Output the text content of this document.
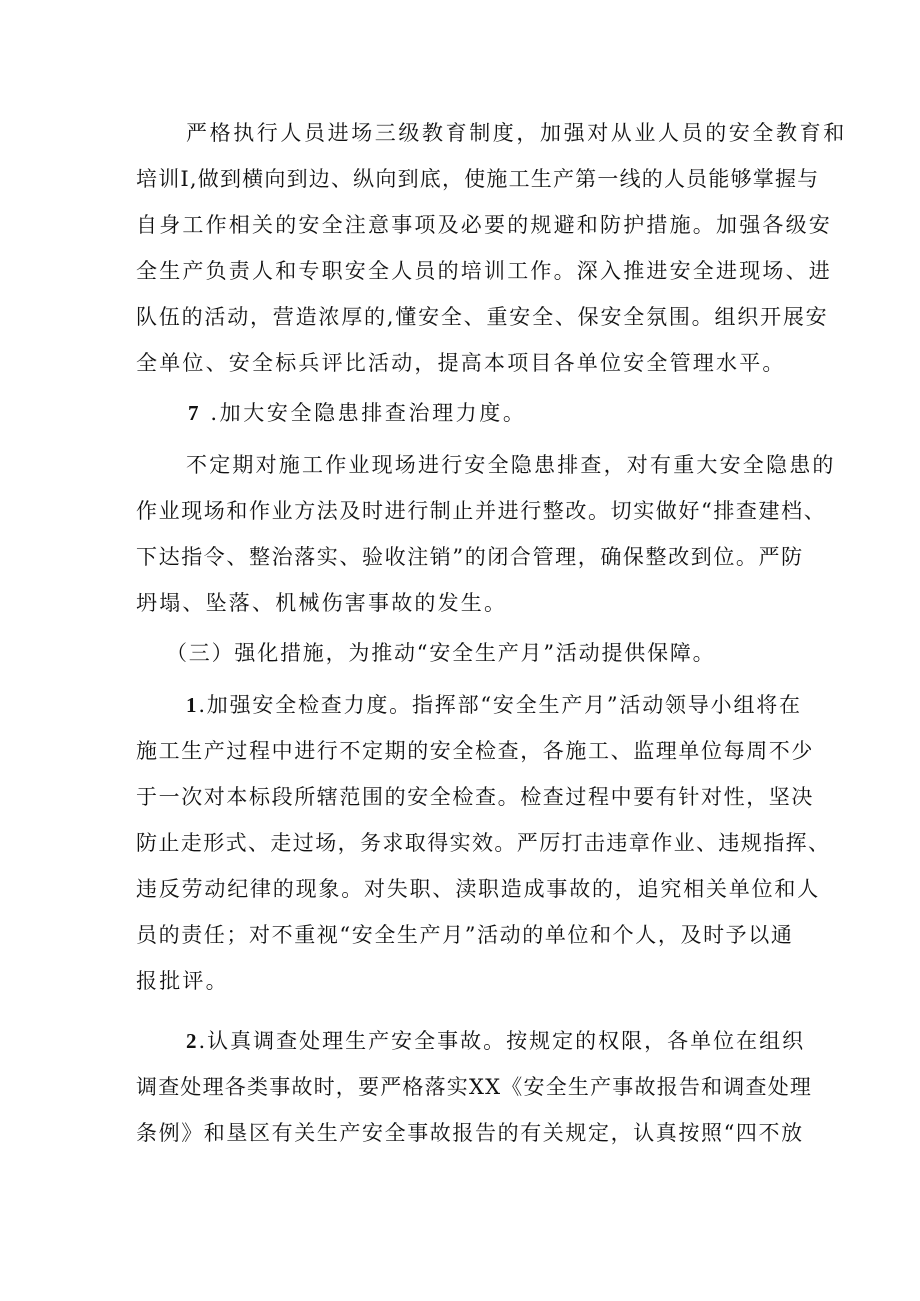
严格执行人员进场三级教育制度，加强对从业人员的安全教育和
培训I,做到横向到边、纵向到底，使施工生产第一线的人员能够掌握与
自身工作相关的安全注意事项及必要的规避和防护措施。加强各级安
全生产负责人和专职安全人员的培训工作。深入推进安全进现场、进
队伍的活动，营造浓厚的,懂安全、重安全、保安全氛围。组织开展安
全单位、安全标兵评比活动，提高本项目各单位安全管理水平。
7 .加大安全隐患排查治理力度。
不定期对施工作业现场进行安全隐患排查，对有重大安全隐患的
作业现场和作业方法及时进行制止并进行整改。切实做好“排查建档、
下达指令、整治落实、验收注销”的闭合管理，确保整改到位。严防
坍塌、坠落、机械伤害事故的发生。
（三）强化措施，为推动“安全生产月”活动提供保障。
1.加强安全检查力度。指挥部“安全生产月”活动领导小组将在
施工生产过程中进行不定期的安全检查，各施工、监理单位每周不少
于一次对本标段所辖范围的安全检查。检查过程中要有针对性，坚决
防止走形式、走过场，务求取得实效。严厉打击违章作业、违规指挥、
违反劳动纪律的现象。对失职、渎职造成事故的，追究相关单位和人
员的责任；对不重视“安全生产月”活动的单位和个人，及时予以通
报批评。
2.认真调查处理生产安全事故。按规定的权限，各单位在组织
调查处理各类事故时，要严格落实XX《安全生产事故报告和调查处理
条例》和垦区有关生产安全事故报告的有关规定，认真按照“四不放
